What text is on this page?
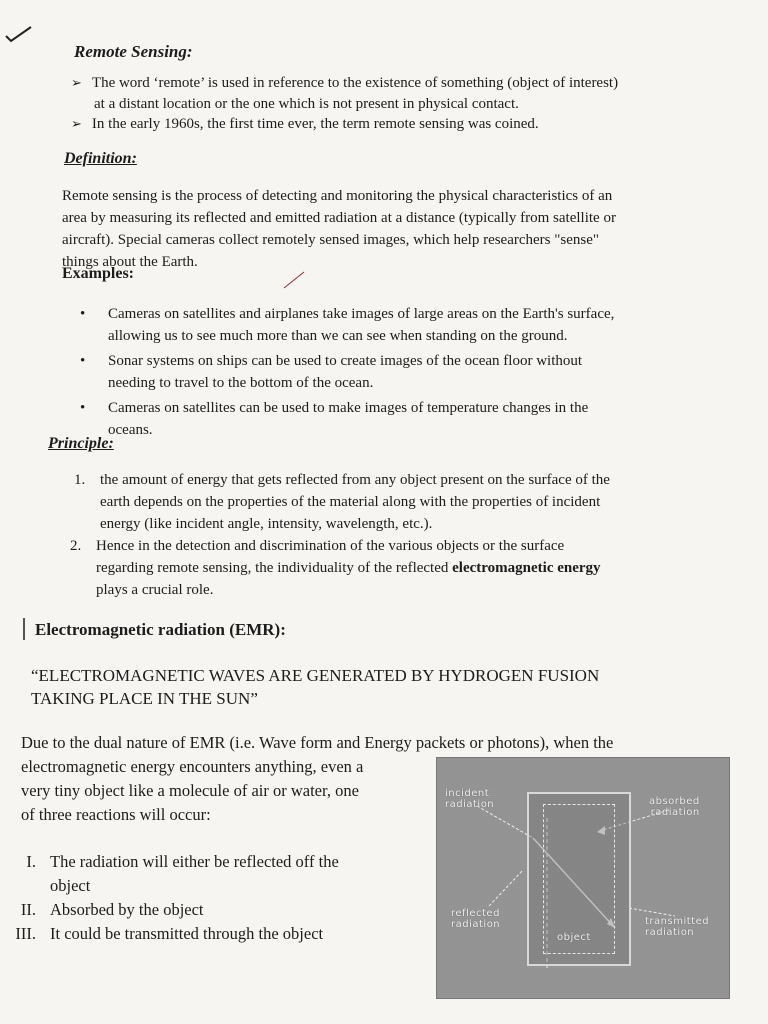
Remote Sensing:
➢ The word ‘remote’ is used in reference to the existence of something (object of interest)
at a distant location or the one which is not present in physical contact.
➢ In the early 1960s, the first time ever, the term remote sensing was coined.
Definition:
Remote sensing is the process of detecting and monitoring the physical characteristics of an
area by measuring its reflected and emitted radiation at a distance (typically from satellite or
aircraft). Special cameras collect remotely sensed images, which help researchers "sense"
things about the Earth.
Examples:
• Cameras on satellites and airplanes take images of large areas on the Earth's surface,
allowing us to see much more than we can see when standing on the ground.
• Sonar systems on ships can be used to create images of the ocean floor without
needing to travel to the bottom of the ocean.
• Cameras on satellites can be used to make images of temperature changes in the
oceans.
Principle:
1. the amount of energy that gets reflected from any object present on the surface of the
earth depends on the properties of the material along with the properties of incident
energy (like incident angle, intensity, wavelength, etc.).
2. Hence in the detection and discrimination of the various objects or the surface
regarding remote sensing, the individuality of the reflected electromagnetic energy
plays a crucial role.
Electromagnetic radiation (EMR):
“ELECTROMAGNETIC WAVES ARE GENERATED BY HYDROGEN FUSION
TAKING PLACE IN THE SUN”
Due to the dual nature of EMR (i.e. Wave form and Energy packets or photons), when the
electromagnetic energy encounters anything, even a
very tiny object like a molecule of air or water, one
of three reactions will occur:
I. The radiation will either be reflected off the
object
II. Absorbed by the object
III. It could be transmitted through the object
incident
radiation	absorbed
radiation
reflected
radiation	transmitted
radiation
object
